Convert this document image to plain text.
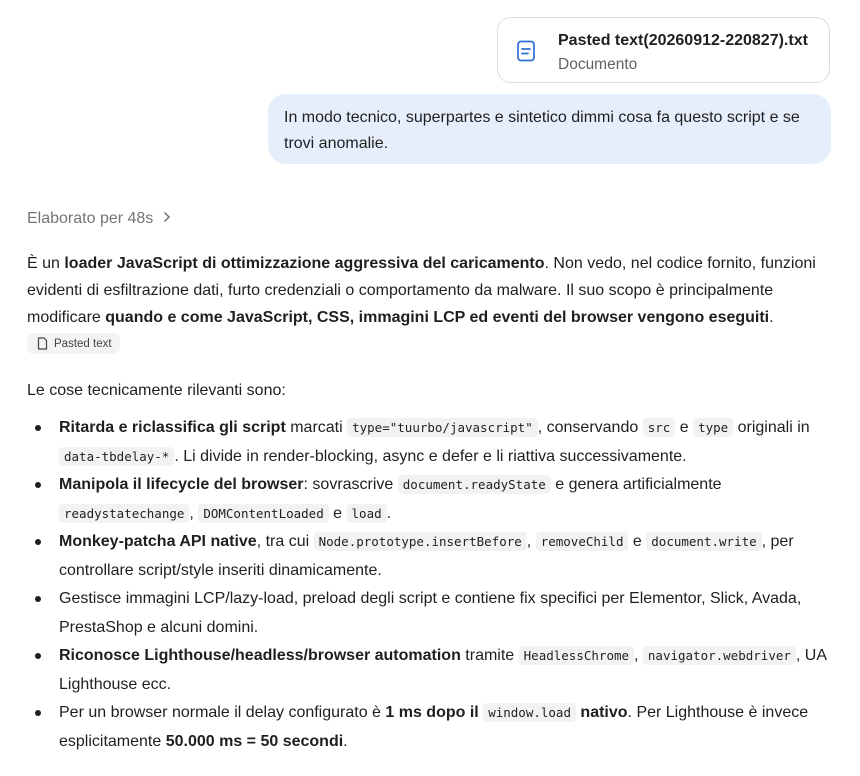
Pasted text(20260912-220827).txt
Documento
In modo tecnico, superpartes e sintetico dimmi cosa fa questo script e se trovi anomalie.
Elaborato per 48s

È un loader JavaScript di ottimizzazione aggressiva del caricamento. Non vedo, nel codice fornito, funzioni evidenti di esfiltrazione dati, furto credenziali o comportamento da malware. Il suo scopo è principalmente modificare quando e come JavaScript, CSS, immagini LCP ed eventi del browser vengono eseguiti.

Pasted text

Le cose tecnicamente rilevanti sono:

Ritarda e riclassifica gli script marcati type="tuurbo/javascript" , conservando src e type originali in data-tbdelay-* . Li divide in render-blocking, async e defer e li riattiva successivamente.
Manipola il lifecycle del browser: sovrascrive document.readyState e genera artificialmente readystatechange , DOMContentLoaded e load .
Monkey-patcha API native, tra cui Node.prototype.insertBefore , removeChild e document.write , per controllare script/style inseriti dinamicamente.
Gestisce immagini LCP/lazy-load, preload degli script e contiene fix specifici per Elementor, Slick, Avada, PrestaShop e alcuni domini.
Riconosce Lighthouse/headless/browser automation tramite HeadlessChrome , navigator.webdriver , UA Lighthouse ecc.
Per un browser normale il delay configurato è 1 ms dopo il window.load nativo. Per Lighthouse è invece esplicitamente 50.000 ms = 50 secondi.
